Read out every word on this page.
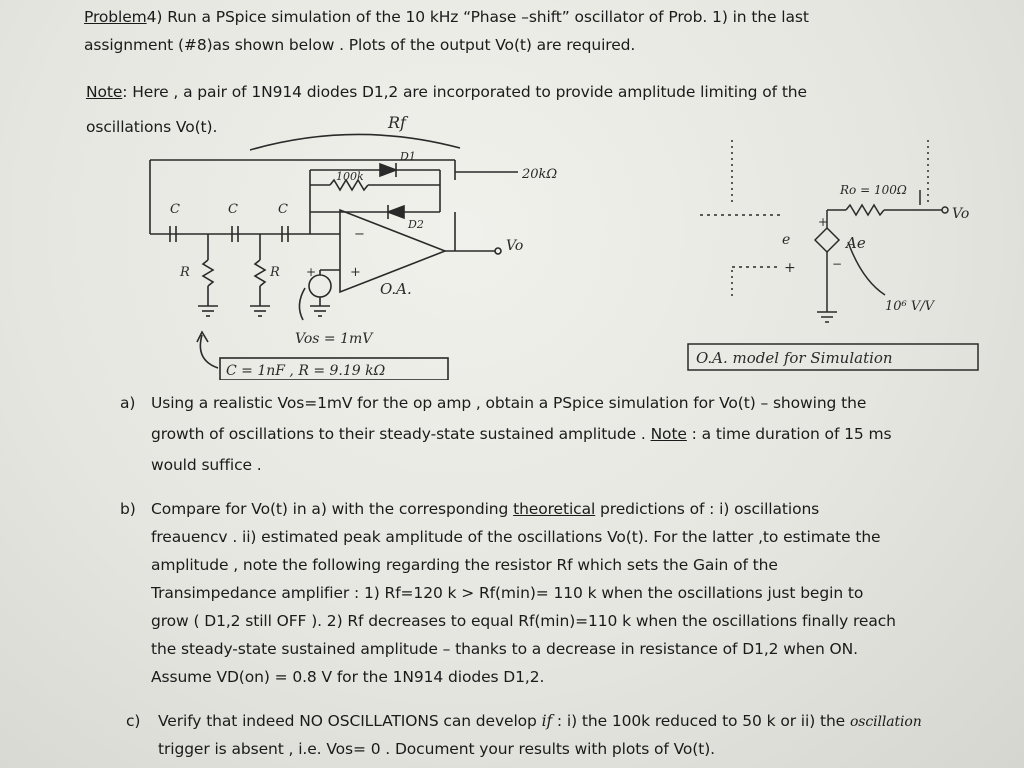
Problem4) Run a PSpice simulation of the 10 kHz “Phase –shift” oscillator of Prob. 1) in the last
assignment (#8)as shown below . Plots of the output Vo(t) are required.
Note: Here , a pair of 1N914 diodes D1,2 are incorporated to provide amplitude limiting of the
oscillations Vo(t).	Rf
D1
D2
100k	20kΩ
C	C	C
R	R
Vo
O.A.
−
+
+
Vos = 1mV
C = 1nF , R = 9.19 kΩ
Ro = 100Ω
Vo
Ae
+
−
e
+
10⁶ V/V
O.A. model for Simulation
a) Using a realistic Vos=1mV for the op amp , obtain a PSpice simulation for Vo(t) – showing the
growth of oscillations to their steady-state sustained amplitude . Note : a time duration of 15 ms
would suffice .
b) Compare for Vo(t) in a) with the corresponding theoretical predictions of : i) oscillations
freauencv . ii) estimated peak amplitude of the oscillations Vo(t). For the latter ,to estimate the
amplitude , note the following regarding the resistor Rf which sets the Gain of the
Transimpedance amplifier : 1) Rf=120 k > Rf(min)= 110 k when the oscillations just begin to
grow ( D1,2 still OFF ). 2) Rf decreases to equal Rf(min)=110 k when the oscillations finally reach
the steady-state sustained amplitude – thanks to a decrease in resistance of D1,2 when ON.
Assume VD(on) = 0.8 V for the 1N914 diodes D1,2.
c) Verify that indeed NO OSCILLATIONS can develop if : i) the 100k reduced to 50 k or ii) the oscillation
trigger is absent , i.e. Vos= 0 . Document your results with plots of Vo(t).
